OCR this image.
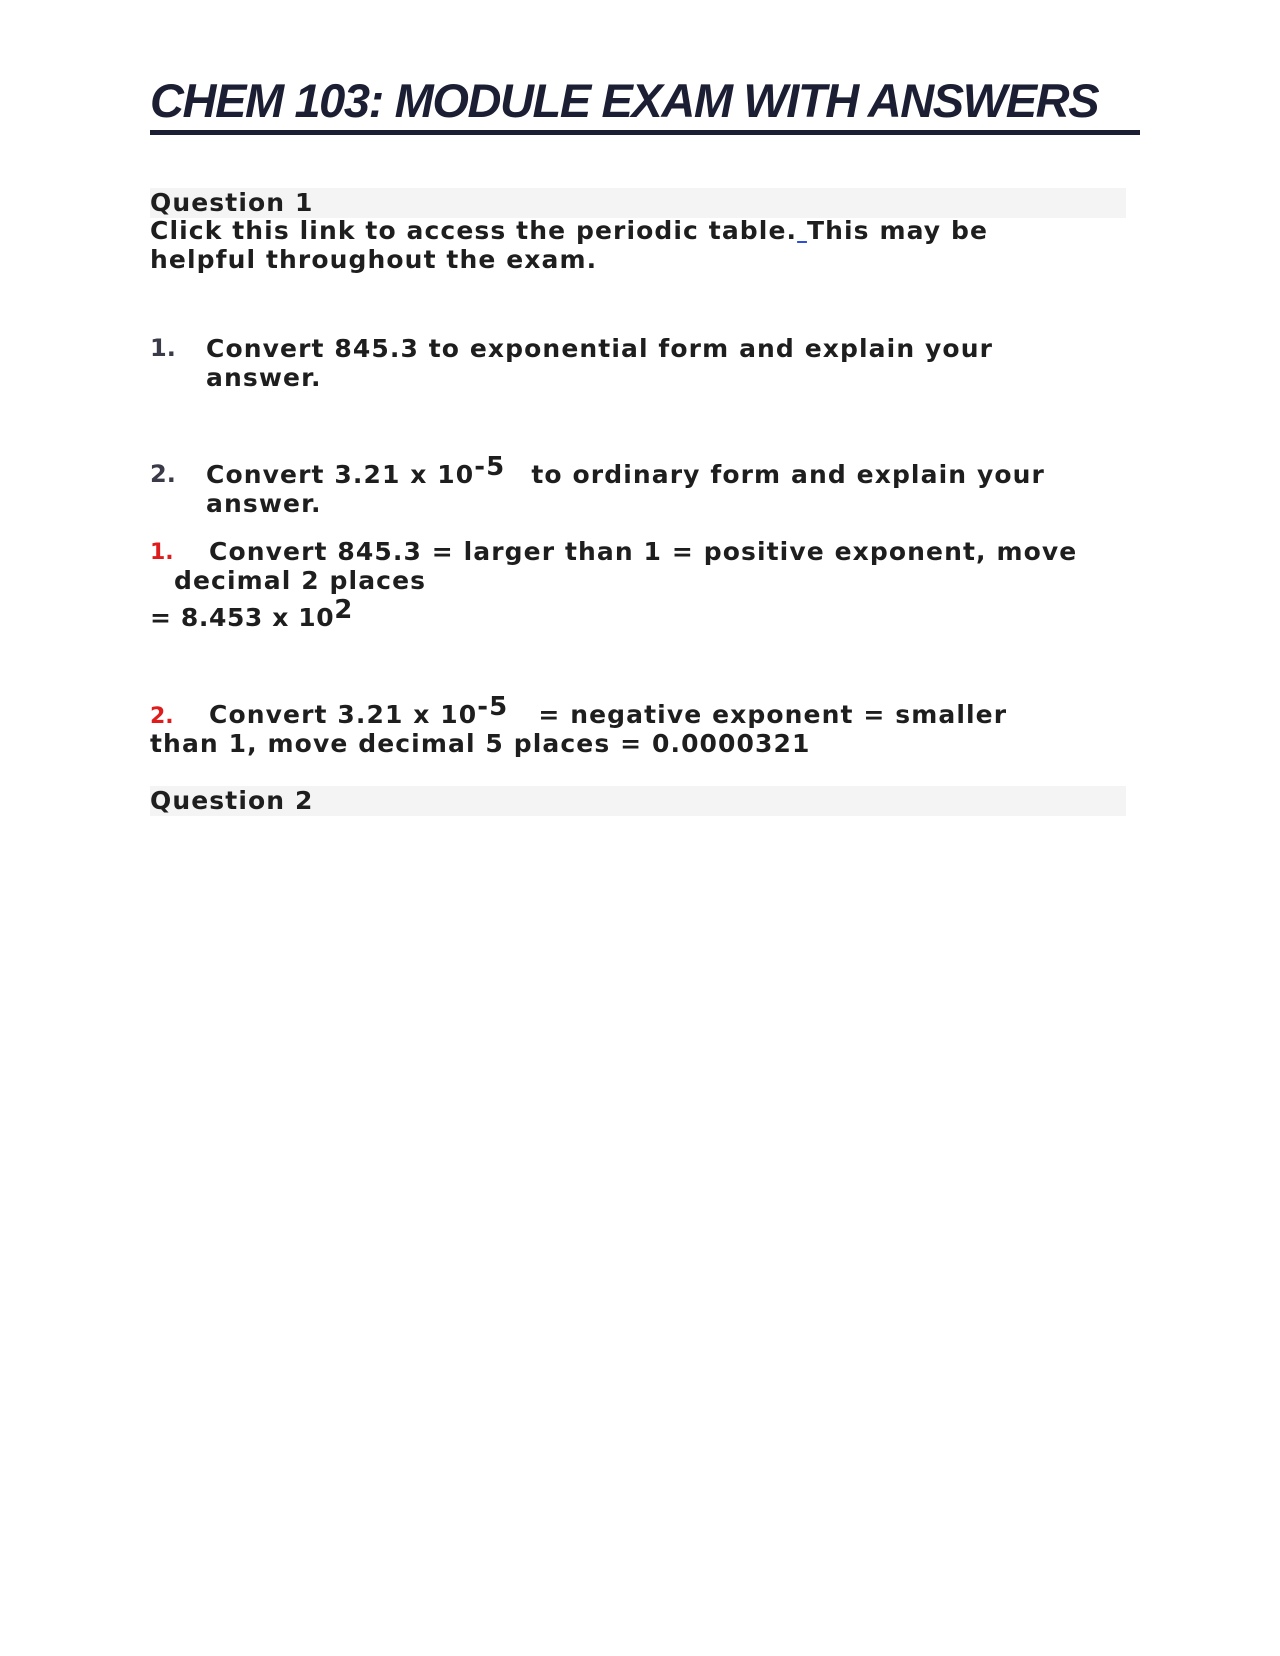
CHEM 103: MODULE EXAM WITH ANSWERS
Question 1
Click this link to access the periodic table. This may be
helpful throughout the exam.
1. Convert 845.3 to exponential form and explain your
answer.
2. Convert 3.21 x $10^{-5}$ to ordinary form and explain your
answer.
1. Convert 845.3 = larger than 1 = positive exponent, move
decimal 2 places
= 8.453 x $10^2$
2. Convert 3.21 x $10^{-5}$ = negative exponent = smaller
than 1, move decimal 5 places = 0.0000321
Question 2
